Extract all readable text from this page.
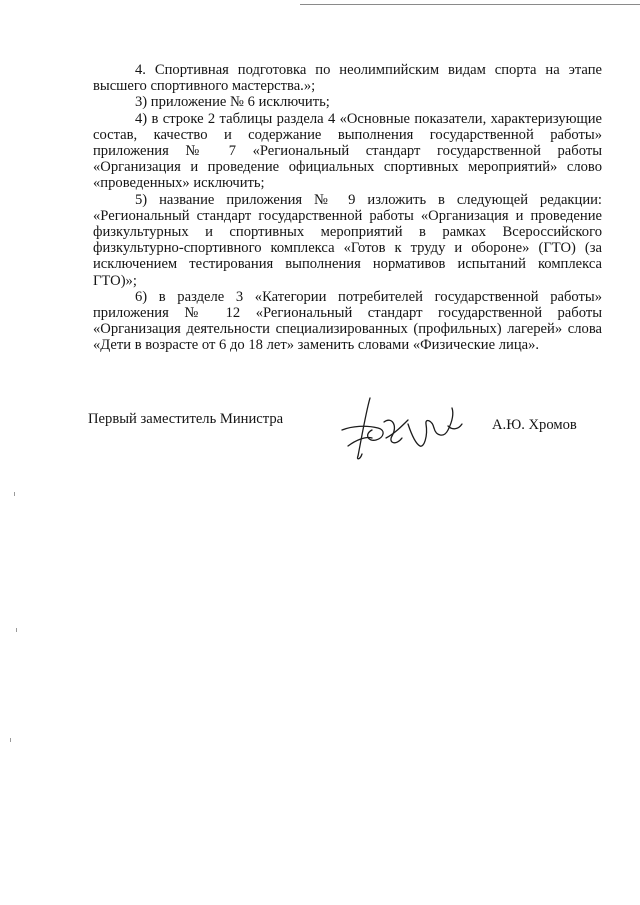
4. Спортивная подготовка по неолимпийским видам спорта на этапе высшего спортивного мастерства.»;

3) приложение № 6 исключить;

4) в строке 2 таблицы раздела 4 «Основные показатели, характеризующие состав, качество и содержание выполнения государственной работы» приложения № 7 «Региональный стандарт государственной работы «Организация и проведение официальных спортивных мероприятий» слово «проведенных» исключить;

5) название приложения № 9 изложить в следующей редакции: «Региональный стандарт государственной работы «Организация и проведение физкультурных и спортивных мероприятий в рамках Всероссийского физкультурно-спортивного комплекса «Готов к труду и обороне» (ГТО) (за исключением тестирования выполнения нормативов испытаний комплекса ГТО)»;

6) в разделе 3 «Категории потребителей государственной работы» приложения № 12 «Региональный стандарт государственной работы «Организация деятельности специализированных (профильных) лагерей» слова «Дети в возрасте от 6 до 18 лет» заменить словами «Физические лица».

Первый заместитель Министра	А.Ю. Хромов
